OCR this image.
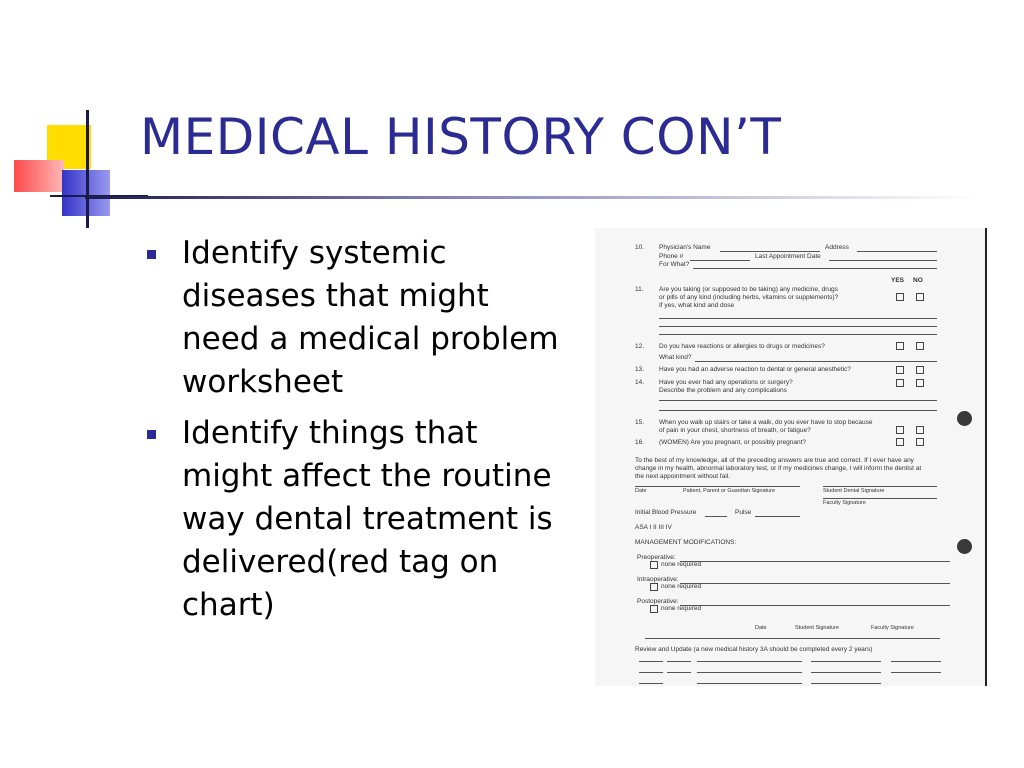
MEDICAL HISTORY CON’T
Identify systemic diseases that might need a medical problem worksheet
Identify things that might affect the routine way dental treatment is delivered(red tag on chart)
10. Physician's Name	Address
Phone #	Last Appointment Date
For What?
YES NO
11. Are you taking (or supposed to be taking) any medicine, drugs
or pills of any kind (including herbs, vitamins or supplements)?
If yes, what kind and dose
12. Do you have reactions or allergies to drugs or medicines?
What kind?
13. Have you had an adverse reaction to dental or general anesthetic?
14. Have you ever had any operations or surgery?
Describe the problem and any complications
15. When you walk up stairs or take a walk, do you ever have to stop because
of pain in your chest, shortness of breath, or fatigue?
16. (WOMEN) Are you pregnant, or possibly pregnant?
To the best of my knowledge, all of the preceding answers are true and correct. If I ever have any
change in my health, abnormal laboratory test, or if my medicines change, I will inform the dentist at
the next appointment without fail.
Date	Patient, Parent or Guardian Signature	Student Dental Signature
Faculty Signature
Initial Blood Pressure	Pulse
ASA I II III IV
MANAGEMENT MODIFICATIONS:
Preoperative:
none required
Intraoperative:
none required
Postoperative:
none required
Date	Student Signature	Faculty Signature
Review and Update (a new medical history 3A should be completed every 2 years)
